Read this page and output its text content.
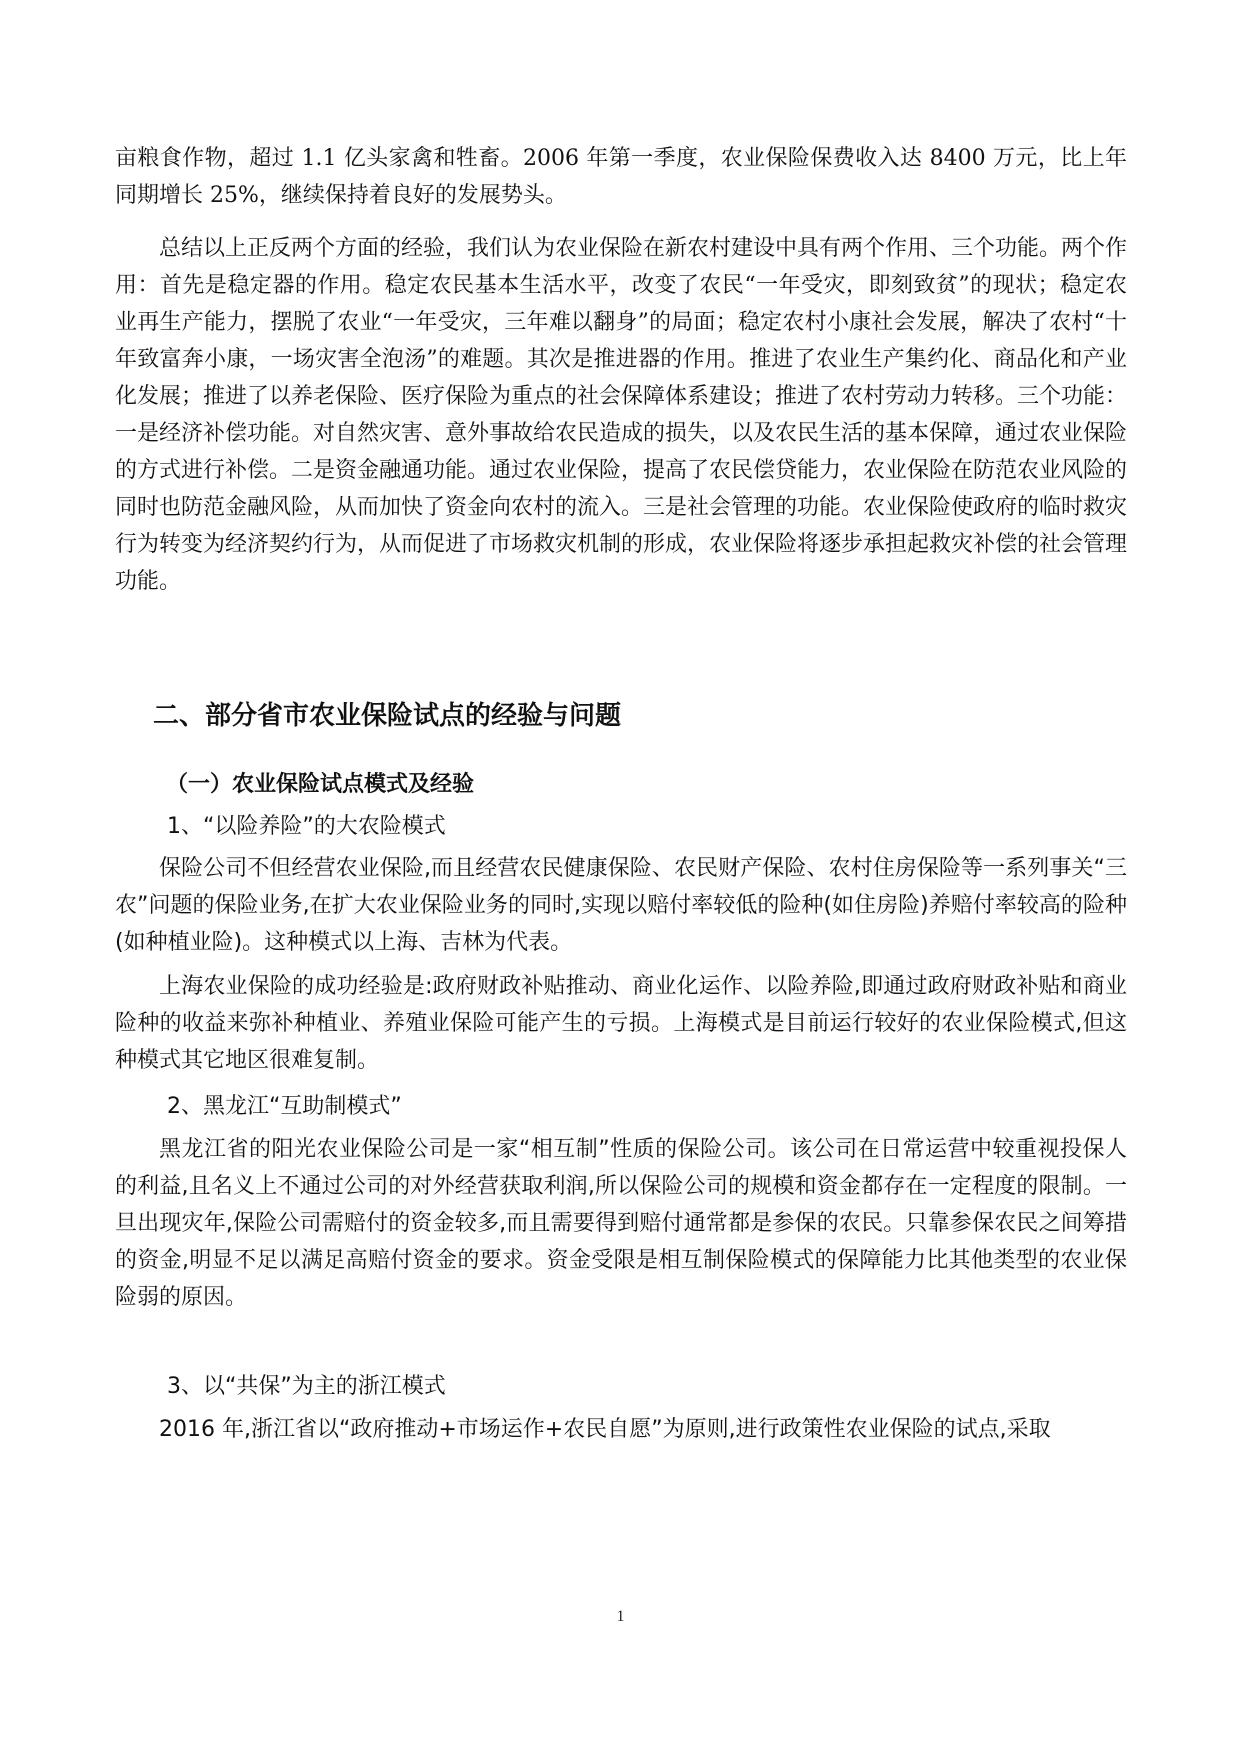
亩粮食作物，超过 1.1 亿头家禽和牲畜。2006 年第一季度，农业保险保费收入达 8400 万元，比上年同期增长 25%，继续保持着良好的发展势头。

总结以上正反两个方面的经验，我们认为农业保险在新农村建设中具有两个作用、三个功能。两个作用：首先是稳定器的作用。稳定农民基本生活水平，改变了农民“一年受灾，即刻致贫”的现状；稳定农业再生产能力，摆脱了农业“一年受灾，三年难以翻身”的局面；稳定农村小康社会发展，解决了农村“十年致富奔小康，一场灾害全泡汤”的难题。其次是推进器的作用。推进了农业生产集约化、商品化和产业化发展；推进了以养老保险、医疗保险为重点的社会保障体系建设；推进了农村劳动力转移。三个功能：一是经济补偿功能。对自然灾害、意外事故给农民造成的损失，以及农民生活的基本保障，通过农业保险的方式进行补偿。二是资金融通功能。通过农业保险，提高了农民偿贷能力，农业保险在防范农业风险的同时也防范金融风险，从而加快了资金向农村的流入。三是社会管理的功能。农业保险使政府的临时救灾行为转变为经济契约行为，从而促进了市场救灾机制的形成，农业保险将逐步承担起救灾补偿的社会管理功能。

二、部分省市农业保险试点的经验与问题
（一）农业保险试点模式及经验

1、“以险养险”的大农险模式

保险公司不但经营农业保险,而且经营农民健康保险、农民财产保险、农村住房保险等一系列事关“三农”问题的保险业务,在扩大农业保险业务的同时,实现以赔付率较低的险种(如住房险)养赔付率较高的险种(如种植业险)。这种模式以上海、吉林为代表。

上海农业保险的成功经验是:政府财政补贴推动、商业化运作、以险养险,即通过政府财政补贴和商业险种的收益来弥补种植业、养殖业保险可能产生的亏损。上海模式是目前运行较好的农业保险模式,但这种模式其它地区很难复制。

2、黑龙江“互助制模式”

黑龙江省的阳光农业保险公司是一家“相互制”性质的保险公司。该公司在日常运营中较重视投保人的利益,且名义上不通过公司的对外经营获取利润,所以保险公司的规模和资金都存在一定程度的限制。一旦出现灾年,保险公司需赔付的资金较多,而且需要得到赔付通常都是参保的农民。只靠参保农民之间筹措的资金,明显不足以满足高赔付资金的要求。资金受限是相互制保险模式的保障能力比其他类型的农业保险弱的原因。

3、以“共保”为主的浙江模式

2016 年,浙江省以“政府推动+市场运作+农民自愿”为原则,进行政策性农业保险的试点,采取

1
